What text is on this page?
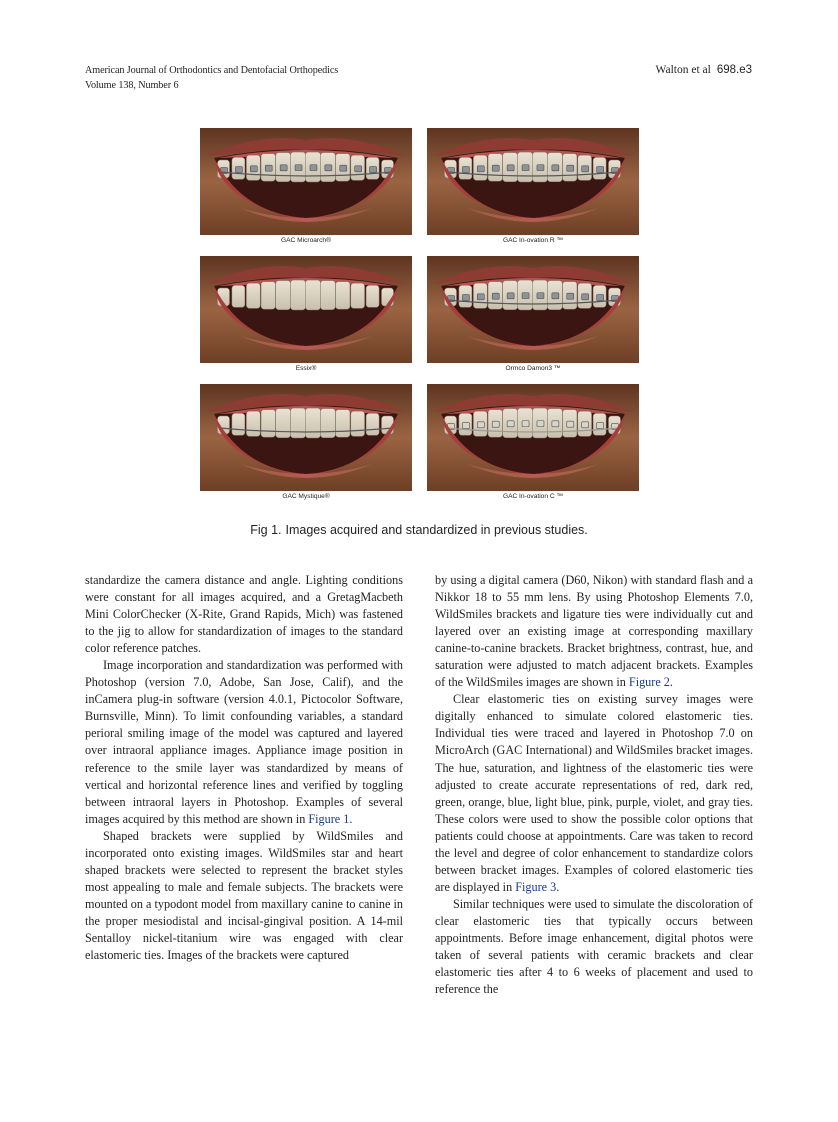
American Journal of Orthodontics and Dentofacial Orthopedics
Volume 138, Number 6
Walton et al 698.e3
GAC Microarch®	GAC In-ovation R ™
Essix®	Ormco Damon3 ™
GAC Mystique®	GAC In-ovation C ™
Fig 1. Images acquired and standardized in previous studies.

standardize the camera distance and angle. Lighting conditions were constant for all images acquired, and a GretagMacbeth Mini ColorChecker (X-Rite, Grand Rapids, Mich) was fastened to the jig to allow for standardization of images to the standard color reference patches.

Image incorporation and standardization was performed with Photoshop (version 7.0, Adobe, San Jose, Calif), and the inCamera plug-in software (version 4.0.1, Pictocolor Software, Burnsville, Minn). To limit confounding variables, a standard perioral smiling image of the model was captured and layered over intraoral appliance images. Appliance image position in reference to the smile layer was standardized by means of vertical and horizontal reference lines and verified by toggling between intraoral layers in Photoshop. Examples of several images acquired by this method are shown in Figure 1.

Shaped brackets were supplied by WildSmiles and incorporated onto existing images. WildSmiles star and heart shaped brackets were selected to represent the bracket styles most appealing to male and female subjects. The brackets were mounted on a typodont model from maxillary canine to canine in the proper mesiodistal and incisal-gingival position. A 14-mil Sentalloy nickel-titanium wire was engaged with clear elastomeric ties. Images of the brackets were captured

by using a digital camera (D60, Nikon) with standard flash and a Nikkor 18 to 55 mm lens. By using Photoshop Elements 7.0, WildSmiles brackets and ligature ties were individually cut and layered over an existing image at corresponding maxillary canine-to-canine brackets. Bracket brightness, contrast, hue, and saturation were adjusted to match adjacent brackets. Examples of the WildSmiles images are shown in Figure 2.

Clear elastomeric ties on existing survey images were digitally enhanced to simulate colored elastomeric ties. Individual ties were traced and layered in Photoshop 7.0 on MicroArch (GAC International) and WildSmiles bracket images. The hue, saturation, and lightness of the elastomeric ties were adjusted to create accurate representations of red, dark red, green, orange, blue, light blue, pink, purple, violet, and gray ties. These colors were used to show the possible color options that patients could choose at appointments. Care was taken to record the level and degree of color enhancement to standardize colors between bracket images. Examples of colored elastomeric ties are displayed in Figure 3.

Similar techniques were used to simulate the discoloration of clear elastomeric ties that typically occurs between appointments. Before image enhancement, digital photos were taken of several patients with ceramic brackets and clear elastomeric ties after 4 to 6 weeks of placement and used to reference the
